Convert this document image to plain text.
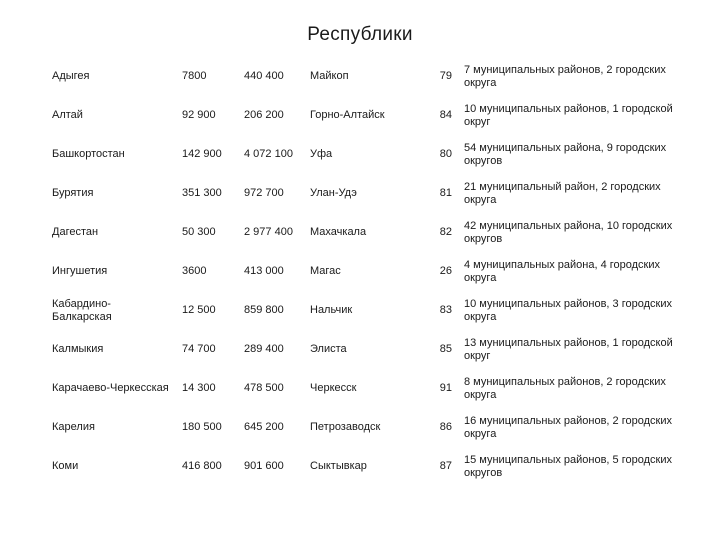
Республики
Адыгея	7800	440 400	Майкоп	79	7 муниципальных районов, 2 городских округа
Алтай	92 900	206 200	Горно-Алтайск	84	10 муниципальных районов, 1 городской округ
Башкортостан	142 900	4 072 100	Уфа	80	54 муниципальных района, 9 городских округов
Бурятия	351 300	972 700	Улан-Удэ	81	21 муниципальный район, 2 городских округа
Дагестан	50 300	2 977 400	Махачкала	82	42 муниципальных района, 10 городских округов
Ингушетия	3600	413 000	Магас	26	4 муниципальных района, 4 городских округа
Кабардино-Балкарская	12 500	859 800	Нальчик	83	10 муниципальных районов, 3 городских округа
Калмыкия	74 700	289 400	Элиста	85	13 муниципальных районов, 1 городской округ
Карачаево-Черкесская	14 300	478 500	Черкесск	91	8 муниципальных районов, 2 городских округа
Карелия	180 500	645 200	Петрозаводск	86	16 муниципальных районов, 2 городских округа
Коми	416 800	901 600	Сыктывкар	87	15 муниципальных районов, 5 городских округов
